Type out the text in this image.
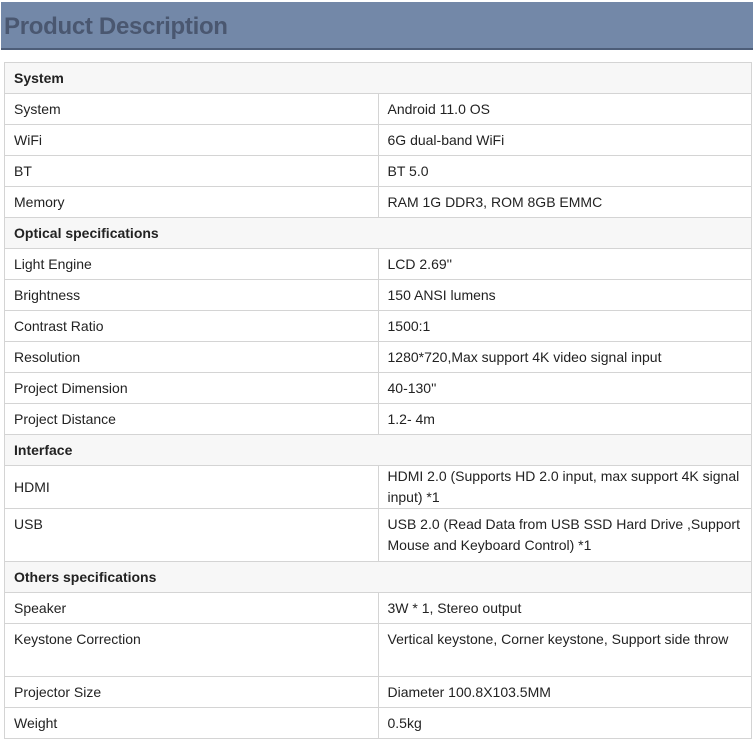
Product Description
System	
System	Android 11.0 OS
WiFi	6G dual-band WiFi
BT	BT 5.0
Memory	RAM 1G DDR3, ROM 8GB EMMC
Optical specifications	
Light Engine	LCD 2.69''
Brightness	150 ANSI lumens
Contrast Ratio	1500:1
Resolution	1280*720,Max support 4K video signal input
Project Dimension	40-130''
Project Distance	1.2- 4m
Interface	
HDMI	HDMI 2.0 (Supports HD 2.0 input, max support 4K signal input) *1
USB	USB 2.0 (Read Data from USB SSD Hard Drive ,Support Mouse and Keyboard Control) *1
Others specifications	
Speaker	3W * 1, Stereo output
Keystone Correction	Vertical keystone, Corner keystone, Support side throw
Projector Size	Diameter 100.8X103.5MM
Weight	0.5kg
